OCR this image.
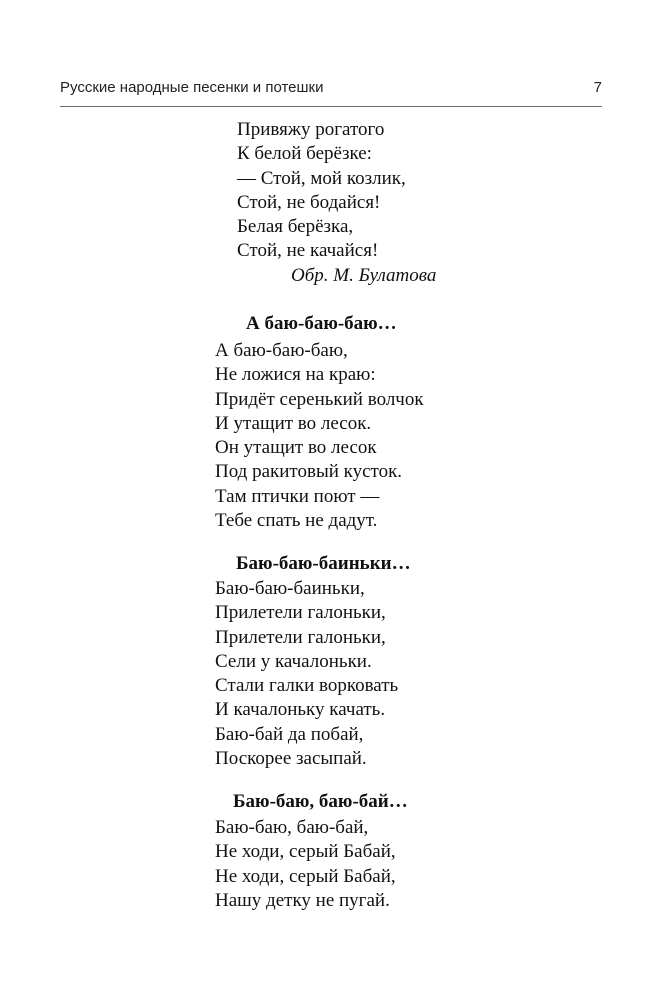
Русские народные песенки и потешки	7
Привяжу рогатого
К белой берёзке:
— Стой, мой козлик,
Стой, не бодайся!
Белая берёзка,
Стой, не качайся!
Обр. М. Булатова
А баю-баю-баю…
А баю-баю-баю,
Не ложися на краю:
Придёт серенький волчок
И утащит во лесок.
Он утащит во лесок
Под ракитовый кусток.
Там птички поют —
Тебе спать не дадут.
Баю-баю-баиньки…
Баю-баю-баиньки,
Прилетели галоньки,
Прилетели галоньки,
Сели у качалоньки.
Стали галки ворковать
И качалоньку качать.
Баю-бай да побай,
Поскорее засыпай.
Баю-баю, баю-бай…
Баю-баю, баю-бай,
Не ходи, серый Бабай,
Не ходи, серый Бабай,
Нашу детку не пугай.
